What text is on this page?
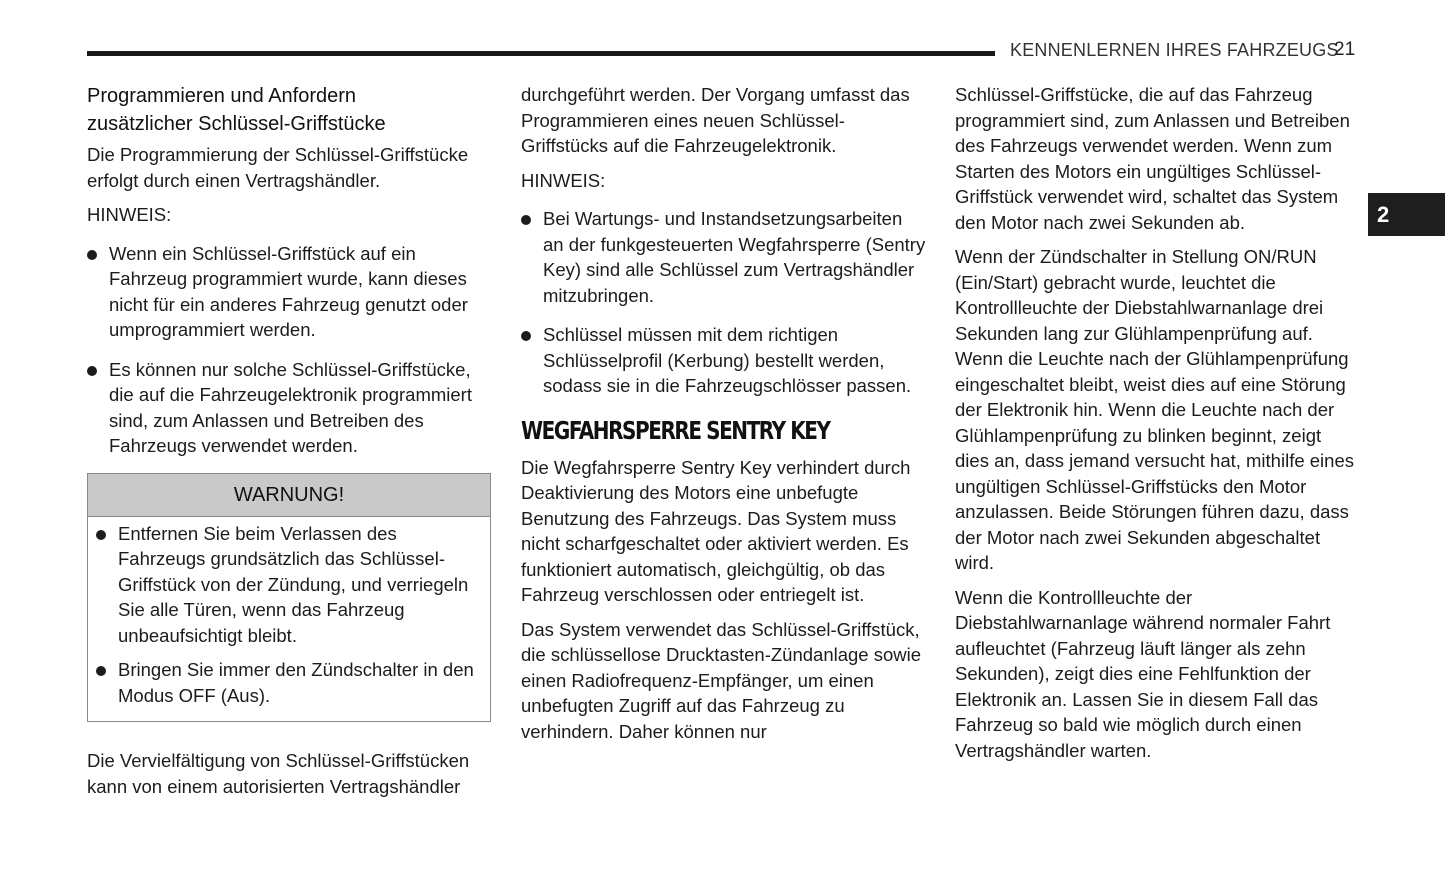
KENNENLERNEN IHRES FAHRZEUGS
21
2
Programmieren und Anfordern
zusätzlicher Schlüssel-Griffstücke

Die Programmierung der Schlüssel-Griffstücke erfolgt durch einen Vertragshändler.

HINWEIS:
Wenn ein Schlüssel-Griffstück auf ein Fahrzeug programmiert wurde, kann dieses nicht für ein anderes Fahrzeug genutzt oder umprogrammiert werden.
Es können nur solche Schlüssel-Griffstücke, die auf die Fahrzeugelektronik programmiert sind, zum Anlassen und Betreiben des Fahrzeugs verwendet werden.
WARNUNG!
Entfernen Sie beim Verlassen des Fahrzeugs grundsätzlich das Schlüssel-Griffstück von der Zündung, und verriegeln Sie alle Türen, wenn das Fahrzeug unbeaufsichtigt bleibt.
Bringen Sie immer den Zündschalter in den Modus OFF (Aus).

Die Vervielfältigung von Schlüssel-Griffstücken kann von einem autorisierten Vertragshändler

durchgeführt werden. Der Vorgang umfasst das Programmieren eines neuen Schlüssel-Griffstücks auf die Fahrzeugelektronik.

HINWEIS:
Bei Wartungs- und Instandsetzungsarbeiten an der funkgesteuerten Wegfahrsperre (Sentry Key) sind alle Schlüssel zum Vertragshändler mitzubringen.
Schlüssel müssen mit dem richtigen Schlüsselprofil (Kerbung) bestellt werden, sodass sie in die Fahrzeugschlösser passen.
WEGFAHRSPERRE SENTRY KEY

Die Wegfahrsperre Sentry Key verhindert durch Deaktivierung des Motors eine unbefugte Benutzung des Fahrzeugs. Das System muss nicht scharfgeschaltet oder aktiviert werden. Es funktioniert automatisch, gleichgültig, ob das Fahrzeug verschlossen oder entriegelt ist.

Das System verwendet das Schlüssel-Griffstück, die schlüssellose Drucktasten-Zündanlage sowie einen Radiofrequenz-Empfänger, um einen unbefugten Zugriff auf das Fahrzeug zu verhindern. Daher können nur

Schlüssel-Griffstücke, die auf das Fahrzeug programmiert sind, zum Anlassen und Betreiben des Fahrzeugs verwendet werden. Wenn zum Starten des Motors ein ungültiges Schlüssel-Griffstück verwendet wird, schaltet das System den Motor nach zwei Sekunden ab.

Wenn der Zündschalter in Stellung ON/RUN (Ein/Start) gebracht wurde, leuchtet die Kontrollleuchte der Diebstahlwarnanlage drei Sekunden lang zur Glühlampenprüfung auf. Wenn die Leuchte nach der Glühlampenprüfung eingeschaltet bleibt, weist dies auf eine Störung der Elektronik hin. Wenn die Leuchte nach der Glühlampenprüfung zu blinken beginnt, zeigt dies an, dass jemand versucht hat, mithilfe eines ungültigen Schlüssel-Griffstücks den Motor anzulassen. Beide Störungen führen dazu, dass der Motor nach zwei Sekunden abgeschaltet wird.

Wenn die Kontrollleuchte der Diebstahlwarnanlage während normaler Fahrt aufleuchtet (Fahrzeug läuft länger als zehn Sekunden), zeigt dies eine Fehlfunktion der Elektronik an. Lassen Sie in diesem Fall das Fahrzeug so bald wie möglich durch einen Vertragshändler warten.
